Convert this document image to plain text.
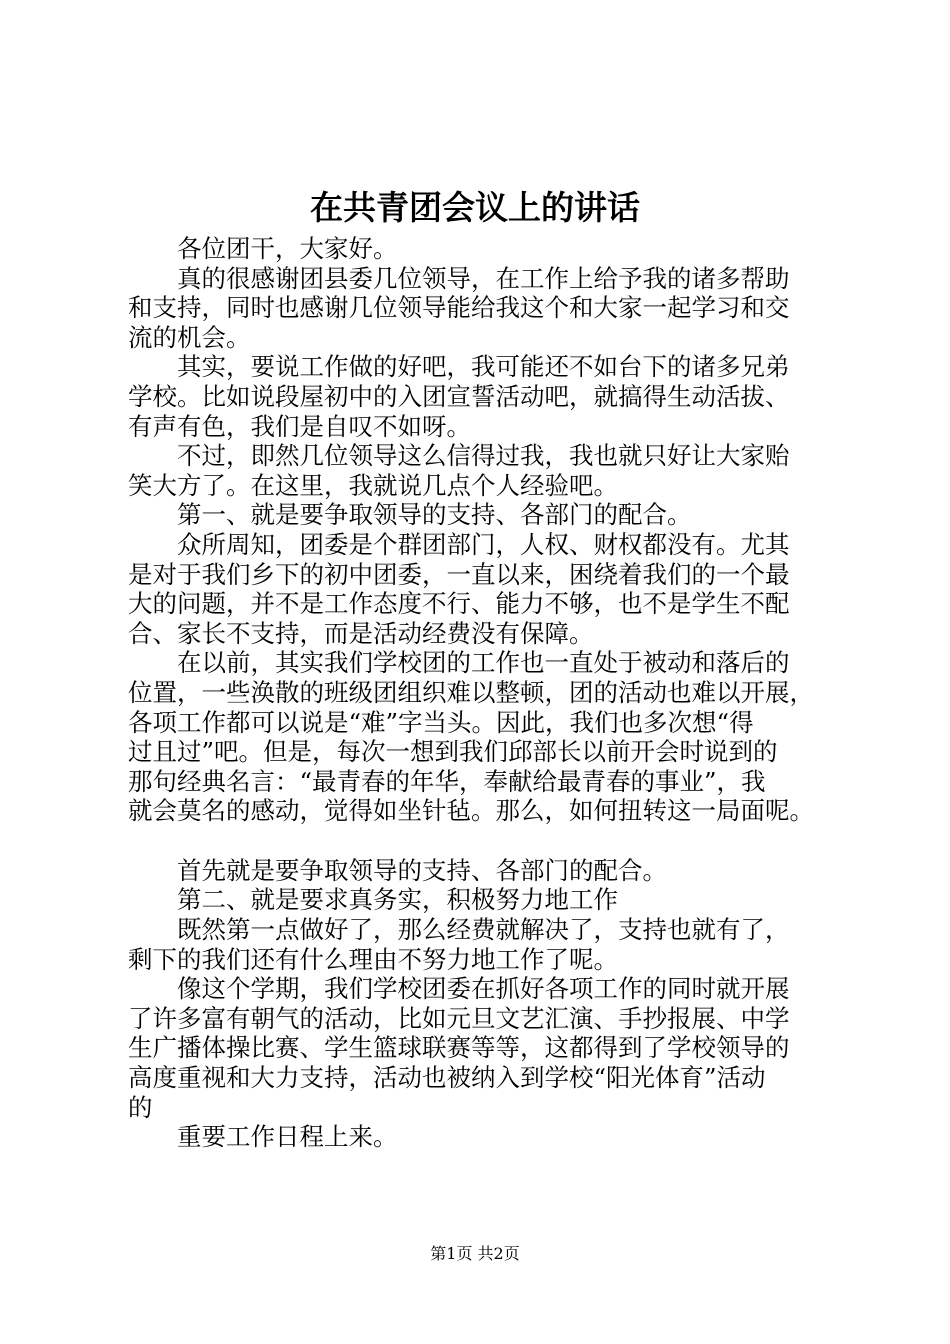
在共青团会议上的讲话

各位团干，大家好。

真的很感谢团县委几位领导，在工作上给予我的诸多帮助
和支持，同时也感谢几位领导能给我这个和大家一起学习和交
流的机会。

其实，要说工作做的好吧，我可能还不如台下的诸多兄弟
学校。比如说段屋初中的入团宣誓活动吧，就搞得生动活拔、
有声有色，我们是自叹不如呀。

不过，即然几位领导这么信得过我，我也就只好让大家贻
笑大方了。在这里，我就说几点个人经验吧。

第一、就是要争取领导的支持、各部门的配合。

众所周知，团委是个群团部门，人权、财权都没有。尤其
是对于我们乡下的初中团委，一直以来，困绕着我们的一个最
大的问题，并不是工作态度不行、能力不够，也不是学生不配
合、家长不支持，而是活动经费没有保障。

在以前，其实我们学校团的工作也一直处于被动和落后的
位置，一些涣散的班级团组织难以整顿，团的活动也难以开展，
各项工作都可以说是“难”字当头。因此，我们也多次想“得
过且过”吧。但是，每次一想到我们邱部长以前开会时说到的
那句经典名言：“最青春的年华，奉献给最青春的事业”，我
就会莫名的感动，觉得如坐针毡。那么，如何扭转这一局面呢。

首先就是要争取领导的支持、各部门的配合。

第二、就是要求真务实，积极努力地工作

既然第一点做好了，那么经费就解决了，支持也就有了，
剩下的我们还有什么理由不努力地工作了呢。

像这个学期，我们学校团委在抓好各项工作的同时就开展
了许多富有朝气的活动，比如元旦文艺汇演、手抄报展、中学
生广播体操比赛、学生篮球联赛等等，这都得到了学校领导的
高度重视和大力支持，活动也被纳入到学校“阳光体育”活动
的

重要工作日程上来。

第1页 共2页
